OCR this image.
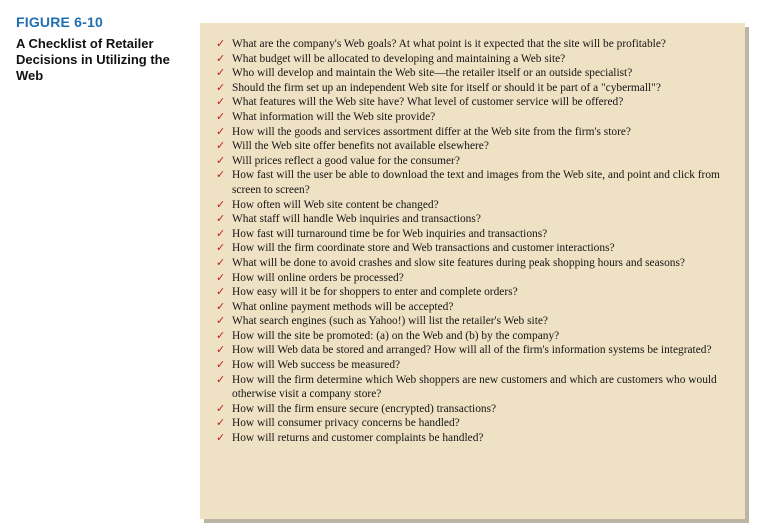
FIGURE 6-10
A Checklist of Retailer Decisions in Utilizing the Web
✓ What are the company's Web goals? At what point is it expected that the site will be profitable?
✓ What budget will be allocated to developing and maintaining a Web site?
✓ Who will develop and maintain the Web site—the retailer itself or an outside specialist?
✓ Should the firm set up an independent Web site for itself or should it be part of a "cybermall"?
✓ What features will the Web site have? What level of customer service will be offered?
✓ What information will the Web site provide?
✓ How will the goods and services assortment differ at the Web site from the firm's store?
✓ Will the Web site offer benefits not available elsewhere?
✓ Will prices reflect a good value for the consumer?
✓ How fast will the user be able to download the text and images from the Web site, and point and click from screen to screen?
✓ How often will Web site content be changed?
✓ What staff will handle Web inquiries and transactions?
✓ How fast will turnaround time be for Web inquiries and transactions?
✓ How will the firm coordinate store and Web transactions and customer interactions?
✓ What will be done to avoid crashes and slow site features during peak shopping hours and seasons?
✓ How will online orders be processed?
✓ How easy will it be for shoppers to enter and complete orders?
✓ What online payment methods will be accepted?
✓ What search engines (such as Yahoo!) will list the retailer's Web site?
✓ How will the site be promoted: (a) on the Web and (b) by the company?
✓ How will Web data be stored and arranged? How will all of the firm's information systems be integrated?
✓ How will Web success be measured?
✓ How will the firm determine which Web shoppers are new customers and which are customers who would otherwise visit a company store?
✓ How will the firm ensure secure (encrypted) transactions?
✓ How will consumer privacy concerns be handled?
✓ How will returns and customer complaints be handled?
